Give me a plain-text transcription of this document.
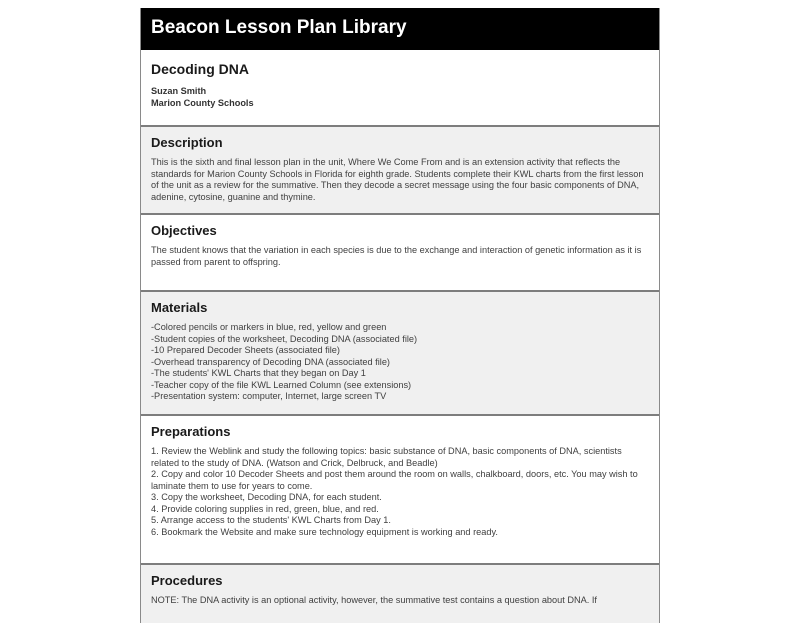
Beacon Lesson Plan Library
Decoding DNA
Suzan Smith
Marion County Schools
Description
This is the sixth and final lesson plan in the unit, Where We Come From and is an extension activity that reflects the standards for Marion County Schools in Florida for eighth grade. Students complete their KWL charts from the first lesson of the unit as a review for the summative. Then they decode a secret message using the four basic components of DNA, adenine, cytosine, guanine and thymine.
Objectives
The student knows that the variation in each species is due to the exchange and interaction of genetic information as it is passed from parent to offspring.
Materials
-Colored pencils or markers in blue, red, yellow and green
-Student copies of the worksheet, Decoding DNA (associated file)
-10 Prepared Decoder Sheets (associated file)
-Overhead transparency of Decoding DNA (associated file)
-The students' KWL Charts that they began on Day 1
-Teacher copy of the file KWL Learned Column (see extensions)
-Presentation system: computer, Internet, large screen TV
Preparations
1. Review the Weblink and study the following topics: basic substance of DNA, basic components of DNA, scientists related to the study of DNA. (Watson and Crick, Delbruck, and Beadle)
2. Copy and color 10 Decoder Sheets and post them around the room on walls, chalkboard, doors, etc. You may wish to laminate them to use for years to come.
3. Copy the worksheet, Decoding DNA, for each student.
4. Provide coloring supplies in red, green, blue, and red.
5. Arrange access to the students' KWL Charts from Day 1.
6. Bookmark the Website and make sure technology equipment is working and ready.
Procedures
NOTE: The DNA activity is an optional activity, however, the summative test contains a question about DNA. If
